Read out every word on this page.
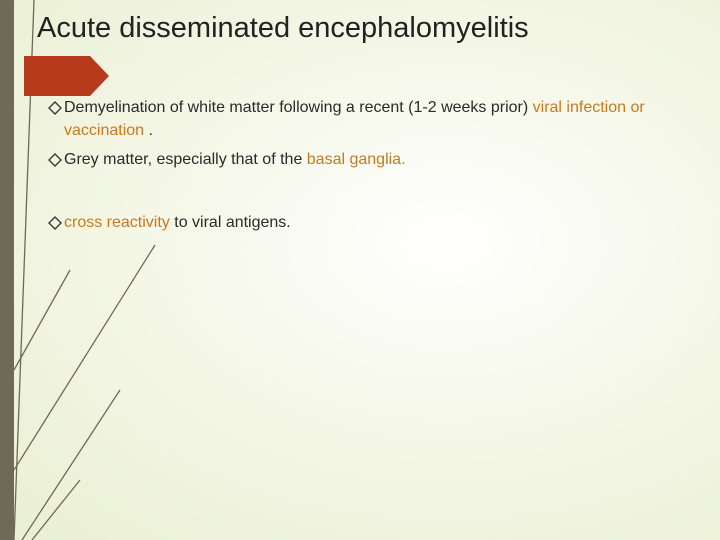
Acute disseminated encephalomyelitis
Demyelination of white matter following a recent (1-2 weeks prior) viral infection or vaccination .
Grey matter, especially that of the basal ganglia.
cross reactivity to viral antigens.
